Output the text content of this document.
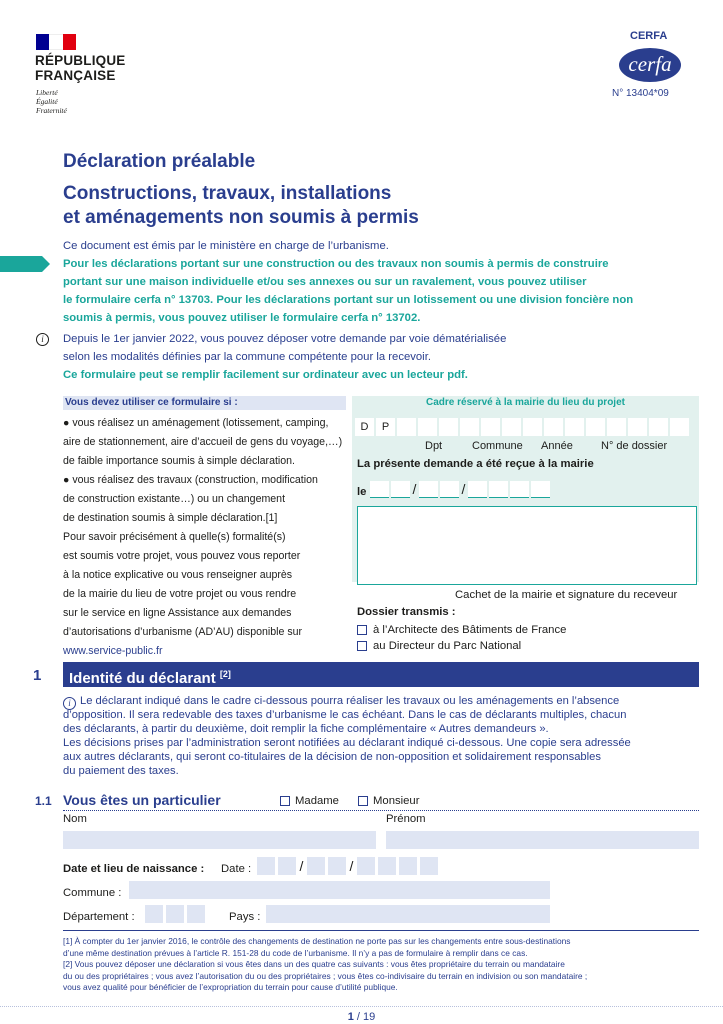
RÉPUBLIQUE
FRANÇAISE
Liberté
Égalité
Fraternité
CERFA
cerfa
N° 13404*09
Déclaration préalable
Constructions, travaux, installations
et aménagements non soumis à permis
Ce document est émis par le ministère en charge de l’urbanisme.
Pour les déclarations portant sur une construction ou des travaux non soumis à permis de construire
portant sur une maison individuelle et/ou ses annexes ou sur un ravalement, vous pouvez utiliser
le formulaire cerfa n° 13703. Pour les déclarations portant sur un lotissement ou une division foncière non
soumis à permis, vous pouvez utiliser le formulaire cerfa n° 13702.
i	Depuis le 1er janvier 2022, vous pouvez déposer votre demande par voie dématérialisée
selon les modalités définies par la commune compétente pour la recevoir.
Ce formulaire peut se remplir facilement sur ordinateur avec un lecteur pdf.
Vous devez utiliser ce formulaire si :
● vous réalisez un aménagement (lotissement, camping,
aire de stationnement, aire d’accueil de gens du voyage,…)
de faible importance soumis à simple déclaration.
● vous réalisez des travaux (construction, modification
de construction existante…) ou un changement
de destination soumis à simple déclaration.[1]
Pour savoir précisément à quelle(s) formalité(s)
est soumis votre projet, vous pouvez vous reporter
à la notice explicative ou vous renseigner auprès
de la mairie du lieu de votre projet ou vous rendre
sur le service en ligne Assistance aux demandes
d’autorisations d’urbanisme (AD’AU) disponible sur
www.service-public.fr
Cadre réservé à la mairie du lieu du projet
D	P
Dpt	Commune Année	N° de dossier
La présente demande a été reçue à la mairie
le	/	/
Cachet de la mairie et signature du receveur
Dossier transmis :
à l’Architecte des Bâtiments de France
au Directeur du Parc National
1	Identité du déclarant [2]
i Le déclarant indiqué dans le cadre ci-dessous pourra réaliser les travaux ou les aménagements en l’absence
d’opposition. Il sera redevable des taxes d’urbanisme le cas échéant. Dans le cas de déclarants multiples, chacun
des déclarants, à partir du deuxième, doit remplir la fiche complémentaire « Autres demandeurs ».
Les décisions prises par l’administration seront notifiées au déclarant indiqué ci-dessous. Une copie sera adressée
aux autres déclarants, qui seront co-titulaires de la décision de non-opposition et solidairement responsables
du paiement des taxes.
1.1 Vous êtes un particulier	Madame	Monsieur
Nom	Prénom
Date et lieu de naissance : Date :	/	/
Commune :
Département :	Pays :
[1] À compter du 1er janvier 2016, le contrôle des changements de destination ne porte pas sur les changements entre sous-destinations
d’une même destination prévues à l’article R. 151-28 du code de l’urbanisme. Il n’y a pas de formulaire à remplir dans ce cas.
[2] Vous pouvez déposer une déclaration si vous êtes dans un des quatre cas suivants : vous êtes propriétaire du terrain ou mandataire
du ou des propriétaires ; vous avez l’autorisation du ou des propriétaires ; vous êtes co-indivisaire du terrain en indivision ou son mandataire ;
vous avez qualité pour bénéficier de l’expropriation du terrain pour cause d’utilité publique.
1 / 19
